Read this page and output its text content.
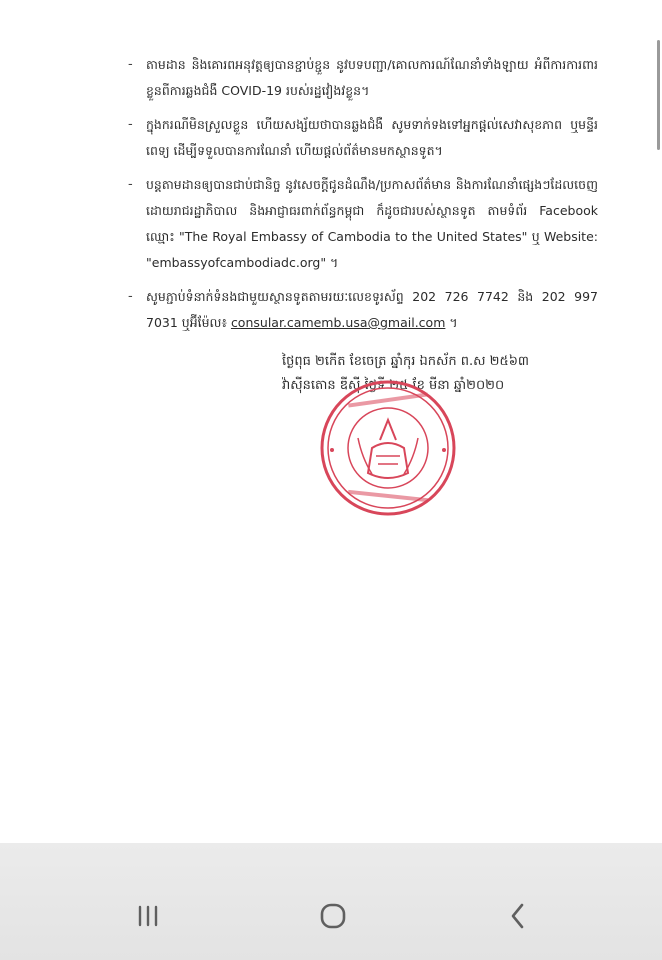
-	តាមដាន និងគោរពអនុវត្តឲ្យបានខ្ជាប់ខ្ជួន នូវបទបញ្ជា/គោលការណ៍ណែនាំទាំងឡាយ អំពីការការពារខ្លួនពីការឆ្លងជំងឺ COVID-19 របស់រដ្ឋវៀងវខ្លួន។
-	ក្នុងករណីមិនស្រួលខ្លួន ហើយសង្ស័យថាបានឆ្លងជំងឺ សូមទាក់ទងទៅអ្នកផ្ដល់សេវាសុខភាព ឬមន្ទីរពេទ្យ ដើម្បីទទួលបានការណែនាំ ហើយផ្ដល់ព័ត៌មានមកស្ថានទូត។
-	បន្តតាមដានឲ្យបានជាប់ជានិច្ច នូវសេចក្ដីជូនដំណឹង/ប្រកាសព័ត៌មាន និងការណែនាំផ្សេងៗដែលចេញដោយរាជរដ្ឋាភិបាល និងអាជ្ញាធរពាក់ព័ន្ធកម្ពុជា ក៏ដូចជារបស់ស្ថានទូត តាមទំព័រ Facebook ឈ្មោះ "The Royal Embassy of Cambodia to the United States" ឬ Website: "embassyofcambodiadc.org" ។
-	សូមភ្ជាប់ទំនាក់ទំនងជាមួយស្ថានទូតតាមរយៈលេខទូរស័ព្ទ 202 726 7742 និង 202 997 7031 ឬអ៊ីម៉ែល៖ consular.camemb.usa@gmail.com ។
ថ្ងៃពុធ ២កើត ខែចេត្រ ឆ្នាំកុរ ឯកស័ក ព.ស ២៥៦៣
វ៉ាស៊ីនតោន ឌីស៊ី ថ្ងៃទី ២៥ ខែ មីនា ឆ្នាំ២០២០
